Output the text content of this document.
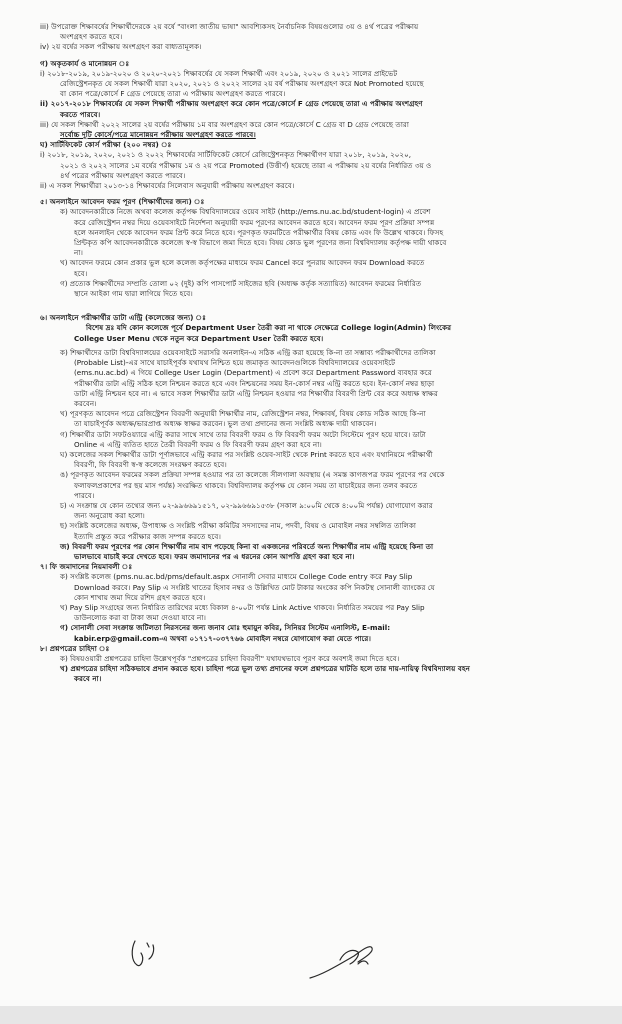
iii) উপরোক্ত শিক্ষাবর্ষের শিক্ষার্থীদেরকে ২য় বর্ষে "বাংলা জাতীয় ভাষা" আবশ্যিকসহ নৈর্বাচনিক বিষয়গুলোর ৩য় ও ৪র্থ পত্রের পরীক্ষায়
অংশগ্রহণ করতে হবে।
iv) ২য় বর্ষের সকল পরীক্ষায় অংশগ্রহণ করা বাধ্যতামূলক।
গ) অকৃতকার্য ও মানোন্নয়ন ঃ
i) ২০১৮-২০১৯, ২০১৯-২০২০ ও ২০২০-২০২১ শিক্ষাবর্ষের যে সকল শিক্ষার্থী এবং ২০১৯, ২০২০ ও ২০২১ সালের প্রাইভেট
রেজিস্ট্রেশনকৃত যে সকল শিক্ষার্থী যারা ২০২০, ২০২১ ও ২০২২ সালের ২য় বর্ষ পরীক্ষায় অংশগ্রহণ করে Not Promoted হয়েছে
বা কোন পত্রে/কোর্সে F গ্রেড পেয়েছে তারা এ পরীক্ষায় অংশগ্রহণ করতে পারবে।
ii) ২০১৭-২০১৮ শিক্ষাবর্ষের যে সকল শিক্ষার্থী পরীক্ষায় অংশগ্রহণ করে কোন পত্রে/কোর্সে F গ্রেড পেয়েছে তারা এ পরীক্ষায় অংশগ্রহণ
করতে পারবে।
iii) যে সকল শিক্ষার্থী ২০২২ সালের ২য় বর্ষের পরীক্ষায় ১ম বার অংশগ্রহণ করে কোন পত্রে/কোর্সে C গ্রেড বা D গ্রেড পেয়েছে তারা
সর্বোচ্চ দুটি কোর্সে/পত্রে মানোন্নয়ন পরীক্ষায় অংশগ্রহণ করতে পারবে।
ঘ) সার্টিফিকেট কোর্স পরীক্ষা (২০০ নম্বর) ঃ
i) ২০১৮, ২০১৯, ২০২০, ২০২১ ও ২০২২ শিক্ষাবর্ষের সার্টিফিকেট কোর্সে রেজিস্ট্রেশনকৃত শিক্ষার্থীগণ যারা ২০১৮, ২০১৯, ২০২০,
২০২১ ও ২০২২ সালের ১ম বর্ষের পরীক্ষায় ১ম ও ২য় পত্রে Promoted (উত্তীর্ণ) হয়েছে তারা এ পরীক্ষায় ২য় বর্ষের নির্ধারিত ৩য় ও
৪র্থ পত্রের পরীক্ষায় অংশগ্রহণ করতে পারবে।
ii) এ সকল শিক্ষার্থীরা ২০১৩-১৪ শিক্ষাবর্ষের সিলেবাস অনুযায়ী পরীক্ষায় অংশগ্রহণ করবে।
৫। অনলাইনে আবেদন ফরম পূরণ (শিক্ষার্থীদের জন্য) ঃ
ক) আবেদনকারীকে নিজে অথবা কলেজ কর্তৃপক্ষ বিশ্ববিদ্যালয়ের ওয়েব সাইট (http://ems.nu.ac.bd/student-login) এ প্রবেশ
করে রেজিস্ট্রেশন নম্বর দিয়ে ওয়েবসাইটে নির্দেশনা অনুযায়ী ফরম পূরণের আবেদন করতে হবে। আবেদন ফরম পূরণ প্রক্রিয়া সম্পন্ন
হলে অনলাইন থেকে আবেদন ফরম প্রিন্ট করে নিতে হবে। পূরণকৃত ফরমটিতে পরীক্ষার্থীর বিষয় কোড এবং ফি উল্লেখ থাকবে। ফিসহ
প্রিন্টকৃত কপি আবেদনকারীকে কলেজে স্ব-স্ব বিভাগে জমা দিতে হবে। বিষয় কোড ভুল পূরণের জন্য বিশ্ববিদ্যালয় কর্তৃপক্ষ দায়ী থাকবে
না।
খ) আবেদন ফরমে কোন প্রকার ভুল হলে কলেজ কর্তৃপক্ষের মাধ্যমে ফরম Cancel করে পুনরায় আবেদন ফরম Download করতে
হবে।
গ) প্রত্যেক শিক্ষার্থীদের সম্প্রতি তোলা ০২ (দুই) কপি পাসপোর্ট সাইজের ছবি (অধ্যক্ষ কর্তৃক সত্যায়িত) আবেদন ফরমের নির্ধারিত
স্থানে আইকা গাম দ্বারা লাগিয়ে দিতে হবে।
৬। অনলাইনে পরীক্ষার্থীর ডাটা এন্ট্রি (কলেজের জন্য) ঃ
বিশেষ দ্রঃ যদি কোন কলেজে পূর্বে Department User তৈরী করা না থাকে সেক্ষেত্রে College login(Admin) লিংকের
College User Menu থেকে নতুন করে Department User তৈরী করতে হবে।
ক) শিক্ষার্থীদের ডাটা বিশ্ববিদ্যালয়ের ওয়েবসাইটে সরাসরি অনলাইন-এ সঠিক এন্ট্রি করা হয়েছে কি-না তা সম্ভাব্য পরীক্ষার্থীদের তালিকা
(Probable List)-এর সাথে যাচাইপূর্বক যথাযথ নিশ্চিত হয়ে জমাকৃত আবেদনগুলিকে বিশ্ববিদ্যালয়ের ওয়েবসাইটে
(ems.nu.ac.bd) এ গিয়ে College User Login (Department) এ প্রবেশ করে Department Password ব্যবহার করে
পরীক্ষার্থীর ডাটা এন্ট্রি সঠিক হলে নিশ্চয়ন করতে হবে এবং নিশ্চয়নের সময় ইন-কোর্স নম্বর এন্ট্রি করতে হবে। ইন-কোর্স নম্বর ছাড়া
ডাটা এন্ট্রি নিশ্চয়ন হবে না। এ ভাবে সকল শিক্ষার্থীর ডাটা এন্ট্রি নিশ্চয়ন হওয়ার পর শিক্ষার্থীর বিবরণী প্রিন্ট বের করে অধ্যক্ষ স্বাক্ষর
করবেন।
খ) পূরণকৃত আবেদন পত্রে রেজিস্ট্রেশন বিবরণী অনুযায়ী শিক্ষার্থীর নাম, রেজিস্ট্রেশন নম্বর, শিক্ষাবর্ষ, বিষয় কোড সঠিক আছে কি-না
তা যাচাইপূর্বক অধ্যক্ষ/ভারপ্রাপ্ত অধ্যক্ষ স্বাক্ষর করবেন। ভুল তথ্য প্রদানের জন্য সংশ্লিষ্ট অধ্যক্ষ দায়ী থাকবেন।
গ) শিক্ষার্থীর ডাটা সফটওয়্যারে এন্ট্রি করার সাথে সাথে তার বিবরণী ফরম ও ফি বিবরণী ফরম অটো সিস্টেমে পূরণ হয়ে যাবে। ডাটা
Online এ এন্ট্রি ব্যতিত হাতে তৈরী বিবরণী ফরম ও ফি বিবরণী ফরম গ্রহণ করা হবে না।
ঘ) কলেজের সকল শিক্ষার্থীর ডাটা পূর্ণাঙ্গভাবে এন্ট্রি করার পর সংশ্লিষ্ট ওয়েব-সাইট থেকে Print করতে হবে এবং যথানিয়মে পরীক্ষার্থী
বিবরণী, ফি বিবরণী স্ব-স্ব কলেজে সংরক্ষণ করতে হবে।
ঙ) পূরণকৃত আবেদন ফরমের সকল প্রক্রিয়া সম্পন্ন হওয়ার পর তা কলেজে সীলগালা অবস্থায় (এ সমস্ত কাগজপত্র ফরম পূরণের পর থেকে
ফলাফলপ্রকাশের পর ছয় মাস পর্যন্ত) সংরক্ষিত থাকবে। বিশ্ববিদ্যালয় কর্তৃপক্ষ যে কোন সময় তা যাচাইয়ের জন্য তলব করতে
পারবে।
চ) এ সংক্রান্ত যে কোন তথ্যের জন্য ০২-৯৯৬৬৯১৫১৭, ০২-৯৯৬৬৯১৫৩৮ (সকাল ৯:০০মি থেকে ৪:০০মি পর্যন্ত) যোগাযোগ করার
জন্য অনুরোধ করা হলো।
ছ) সংশ্লিষ্ট কলেজের অধ্যক্ষ, উপাধ্যক্ষ ও সংশ্লিষ্ট পরীক্ষা কমিটির সদস্যদের নাম, পদবী, বিষয় ও মোবাইল নম্বর সম্বলিত তালিকা
ইত্যাদি প্রস্তুত করে পরীক্ষার কাজ সম্পন্ন করতে হবে।
জ) বিবরণী ফরম পূরণের পর কোন শিক্ষার্থীর নাম বাদ পড়েছে কিনা বা একজনের পরিবর্তে অন্য শিক্ষার্থীর নাম এন্ট্রি হয়েছে কিনা তা
ভালভাবে যাচাই করে দেখতে হবে। ফরম জমাদানের পর এ ধরনের কোন আপত্তি গ্রহণ করা হবে না।
৭। ফি জমাদানের নিয়মাবলী ঃ
ক) সংশ্লিষ্ট কলেজ (pms.nu.ac.bd/pms/default.aspx সোনালী সেবার মাধ্যমে College Code entry করে Pay Slip
Download করবে। Pay Slip এ সংশ্লিষ্ট খাতের হিসাব নম্বর ও উল্লিখিত মোট টাকার অংকের কপি নিকটস্থ সোনালী ব্যাংকের যে
কোন শাখায় জমা দিয়ে রশিদ গ্রহণ করতে হবে।
খ) Pay Slip সংগ্রহের জন্য নির্ধারিত তারিখের মধ্যে বিকাল ৪-০০টা পর্যন্ত Link Active থাকবে। নির্ধারিত সময়ের পর Pay Slip
ডাউনলোড করা বা টাকা জমা দেওয়া যাবে না।
গ) সোনালী সেবা সংক্রান্ত জটিলতা নিরসনের জন্য জনাব মোঃ হুমায়ুন কবির, সিনিয়র সিস্টেম এনালিস্ট, E-mail:
kabir.erp@gmail.com-এ অথবা ০১৭১৭-০৩৭৭৬৬ মোবাইল নম্বরে যোগাযোগ করা যেতে পারে।
৮। প্রশ্নপত্রের চাহিদা ঃ
ক) বিষয়ওয়ারী প্রশ্নপত্রের চাহিদা উল্লেখপূর্বক "প্রশ্নপত্রের চাহিদা বিবরণী" যথাযথভাবে পূরণ করে অবশ্যই জমা দিতে হবে।
খ) প্রশ্নপত্রের চাহিদা সঠিকভাবে প্রদান করতে হবে। চাহিদা পত্রে ভুল তথ্য প্রদানের ফলে প্রশ্নপত্রের ঘাটতি হলে তার দায়-দায়িত্ব বিশ্ববিদ্যালয় বহন
করবে না।
